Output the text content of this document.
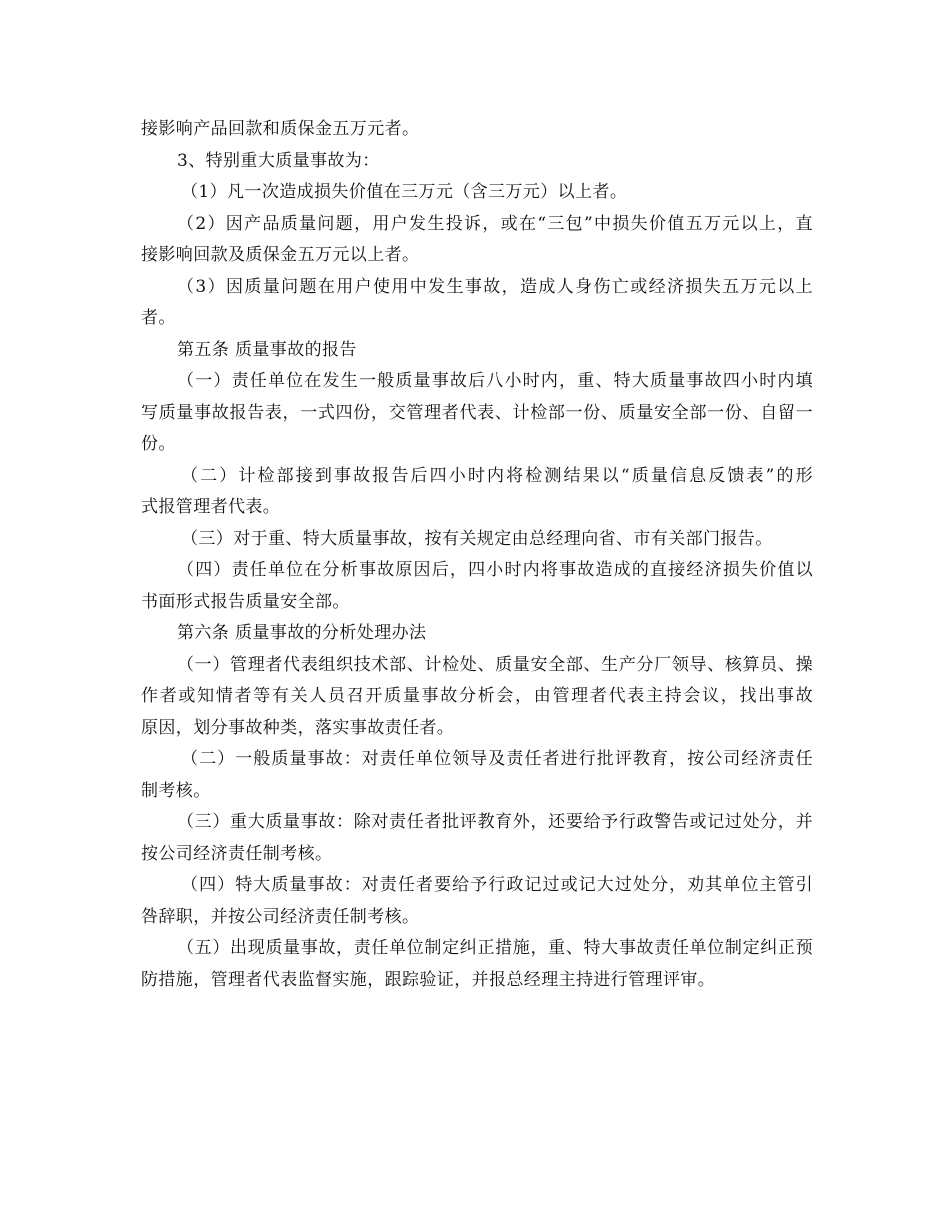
接影响产品回款和质保金五万元者。
3、特别重大质量事故为：
（1）凡一次造成损失价值在三万元（含三万元）以上者。
（2）因产品质量问题，用户发生投诉，或在“三包”中损失价值五万元以上，直
接影响回款及质保金五万元以上者。
（3）因质量问题在用户使用中发生事故，造成人身伤亡或经济损失五万元以上
者。
第五条 质量事故的报告
（一）责任单位在发生一般质量事故后八小时内，重、特大质量事故四小时内填
写质量事故报告表，一式四份，交管理者代表、计检部一份、质量安全部一份、自留一
份。
（二）计检部接到事故报告后四小时内将检测结果以“质量信息反馈表”的形
式报管理者代表。
（三）对于重、特大质量事故，按有关规定由总经理向省、市有关部门报告。
（四）责任单位在分析事故原因后，四小时内将事故造成的直接经济损失价值以
书面形式报告质量安全部。
第六条 质量事故的分析处理办法
（一）管理者代表组织技术部、计检处、质量安全部、生产分厂领导、核算员、操
作者或知情者等有关人员召开质量事故分析会，由管理者代表主持会议，找出事故
原因，划分事故种类，落实事故责任者。
（二）一般质量事故：对责任单位领导及责任者进行批评教育，按公司经济责任
制考核。
（三）重大质量事故：除对责任者批评教育外，还要给予行政警告或记过处分，并
按公司经济责任制考核。
（四）特大质量事故：对责任者要给予行政记过或记大过处分，劝其单位主管引
咎辞职，并按公司经济责任制考核。
（五）出现质量事故，责任单位制定纠正措施，重、特大事故责任单位制定纠正预
防措施，管理者代表监督实施，跟踪验证，并报总经理主持进行管理评审。
